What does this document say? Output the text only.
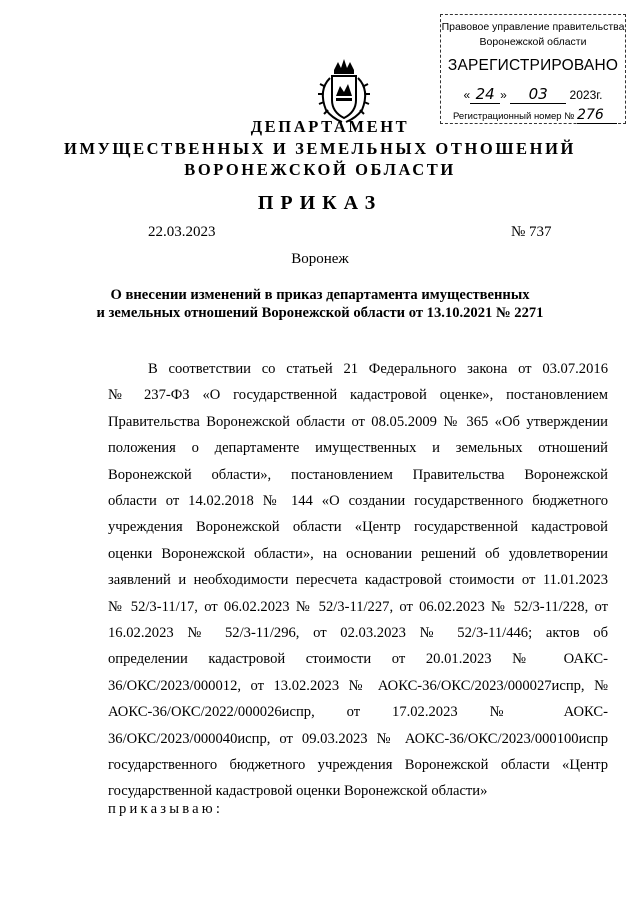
Правовое управление правительства
Воронежской области
ЗАРЕГИСТРИРОВАНО
« 24 » 03 2023г.
Регистрационный номер № 276
ДЕПАРТАМЕНТ
ИМУЩЕСТВЕННЫХ И ЗЕМЕЛЬНЫХ ОТНОШЕНИЙ
ВОРОНЕЖСКОЙ ОБЛАСТИ
ПРИКАЗ
22.03.2023	№ 737
Воронеж
О внесении изменений в приказ департамента имущественных
и земельных отношений Воронежской области от 13.10.2021 № 2271
В соответствии со статьей 21 Федерального закона от 03.07.2016
№ 237-ФЗ «О государственной кадастровой оценке», постановлением
Правительства Воронежской области от 08.05.2009 № 365 «Об утверждении
положения о департаменте имущественных и земельных отношений
Воронежской области», постановлением Правительства Воронежской
области от 14.02.2018 № 144 «О создании государственного бюджетного
учреждения Воронежской области «Центр государственной кадастровой
оценки Воронежской области», на основании решений об удовлетворении
заявлений и необходимости пересчета кадастровой стоимости от 11.01.2023
№ 52/3-11/17, от 06.02.2023 № 52/3-11/227, от 06.02.2023 № 52/3-11/228, от
16.02.2023 № 52/3-11/296, от 02.03.2023 № 52/3-11/446; актов об
определении кадастровой стоимости от 20.01.2023 № ОАКС-
36/ОКС/2023/000012, от 13.02.2023 № АОКС-36/ОКС/2023/000027испр, №
АОКС-36/ОКС/2022/000026испр, от 17.02.2023 № АОКС-
36/ОКС/2023/000040испр, от 09.03.2023 № АОКС-36/ОКС/2023/000100испр
государственного бюджетного учреждения Воронежской области «Центр
государственной кадастровой оценки Воронежской области»
приказываю:
